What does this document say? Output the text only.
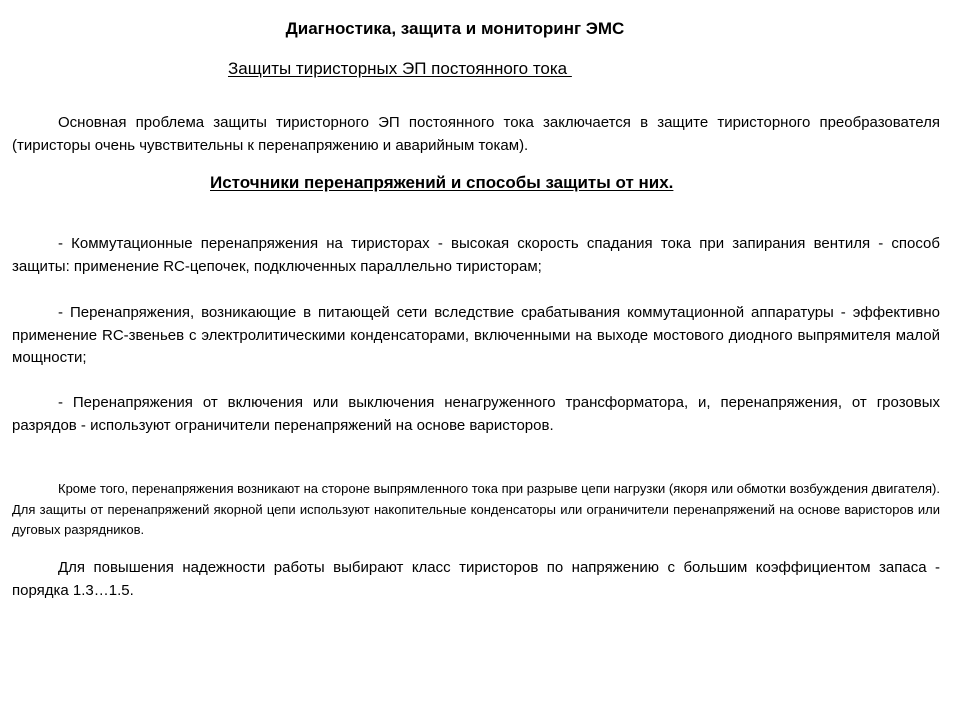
Диагностика, защита и мониторинг ЭМС
Защиты тиристорных ЭП постоянного тока

Основная проблема защиты тиристорного ЭП постоянного тока заключается в защите тиристорного преобразователя (тиристоры очень чувствительны к перенапряжению и аварийным токам).

Источники перенапряжений и способы защиты от них.

- Коммутационные перенапряжения на тиристорах - высокая скорость спадания тока при запирания вентиля - способ защиты: применение RC-цепочек, подключенных параллельно тиристорам;

- Перенапряжения, возникающие в питающей сети вследствие срабатывания коммутационной аппаратуры - эффективно применение RC-звеньев с электролитическими конденсаторами, включенными на выходе мостового диодного выпрямителя малой мощности;

- Перенапряжения от включения или выключения ненагруженного трансформатора, и, перенапряжения, от грозовых разрядов - используют ограничители перенапряжений на основе варисторов.

Кроме того, перенапряжения возникают на стороне выпрямленного тока при разрыве цепи нагрузки (якоря или обмотки возбуждения двигателя). Для защиты от перенапряжений якорной цепи используют накопительные конденсаторы или ограничители перенапряжений на основе варисторов или дуговых разрядников.

Для повышения надежности работы выбирают класс тиристоров по напряжению с большим коэффициентом запаса - порядка 1.3…1.5.
